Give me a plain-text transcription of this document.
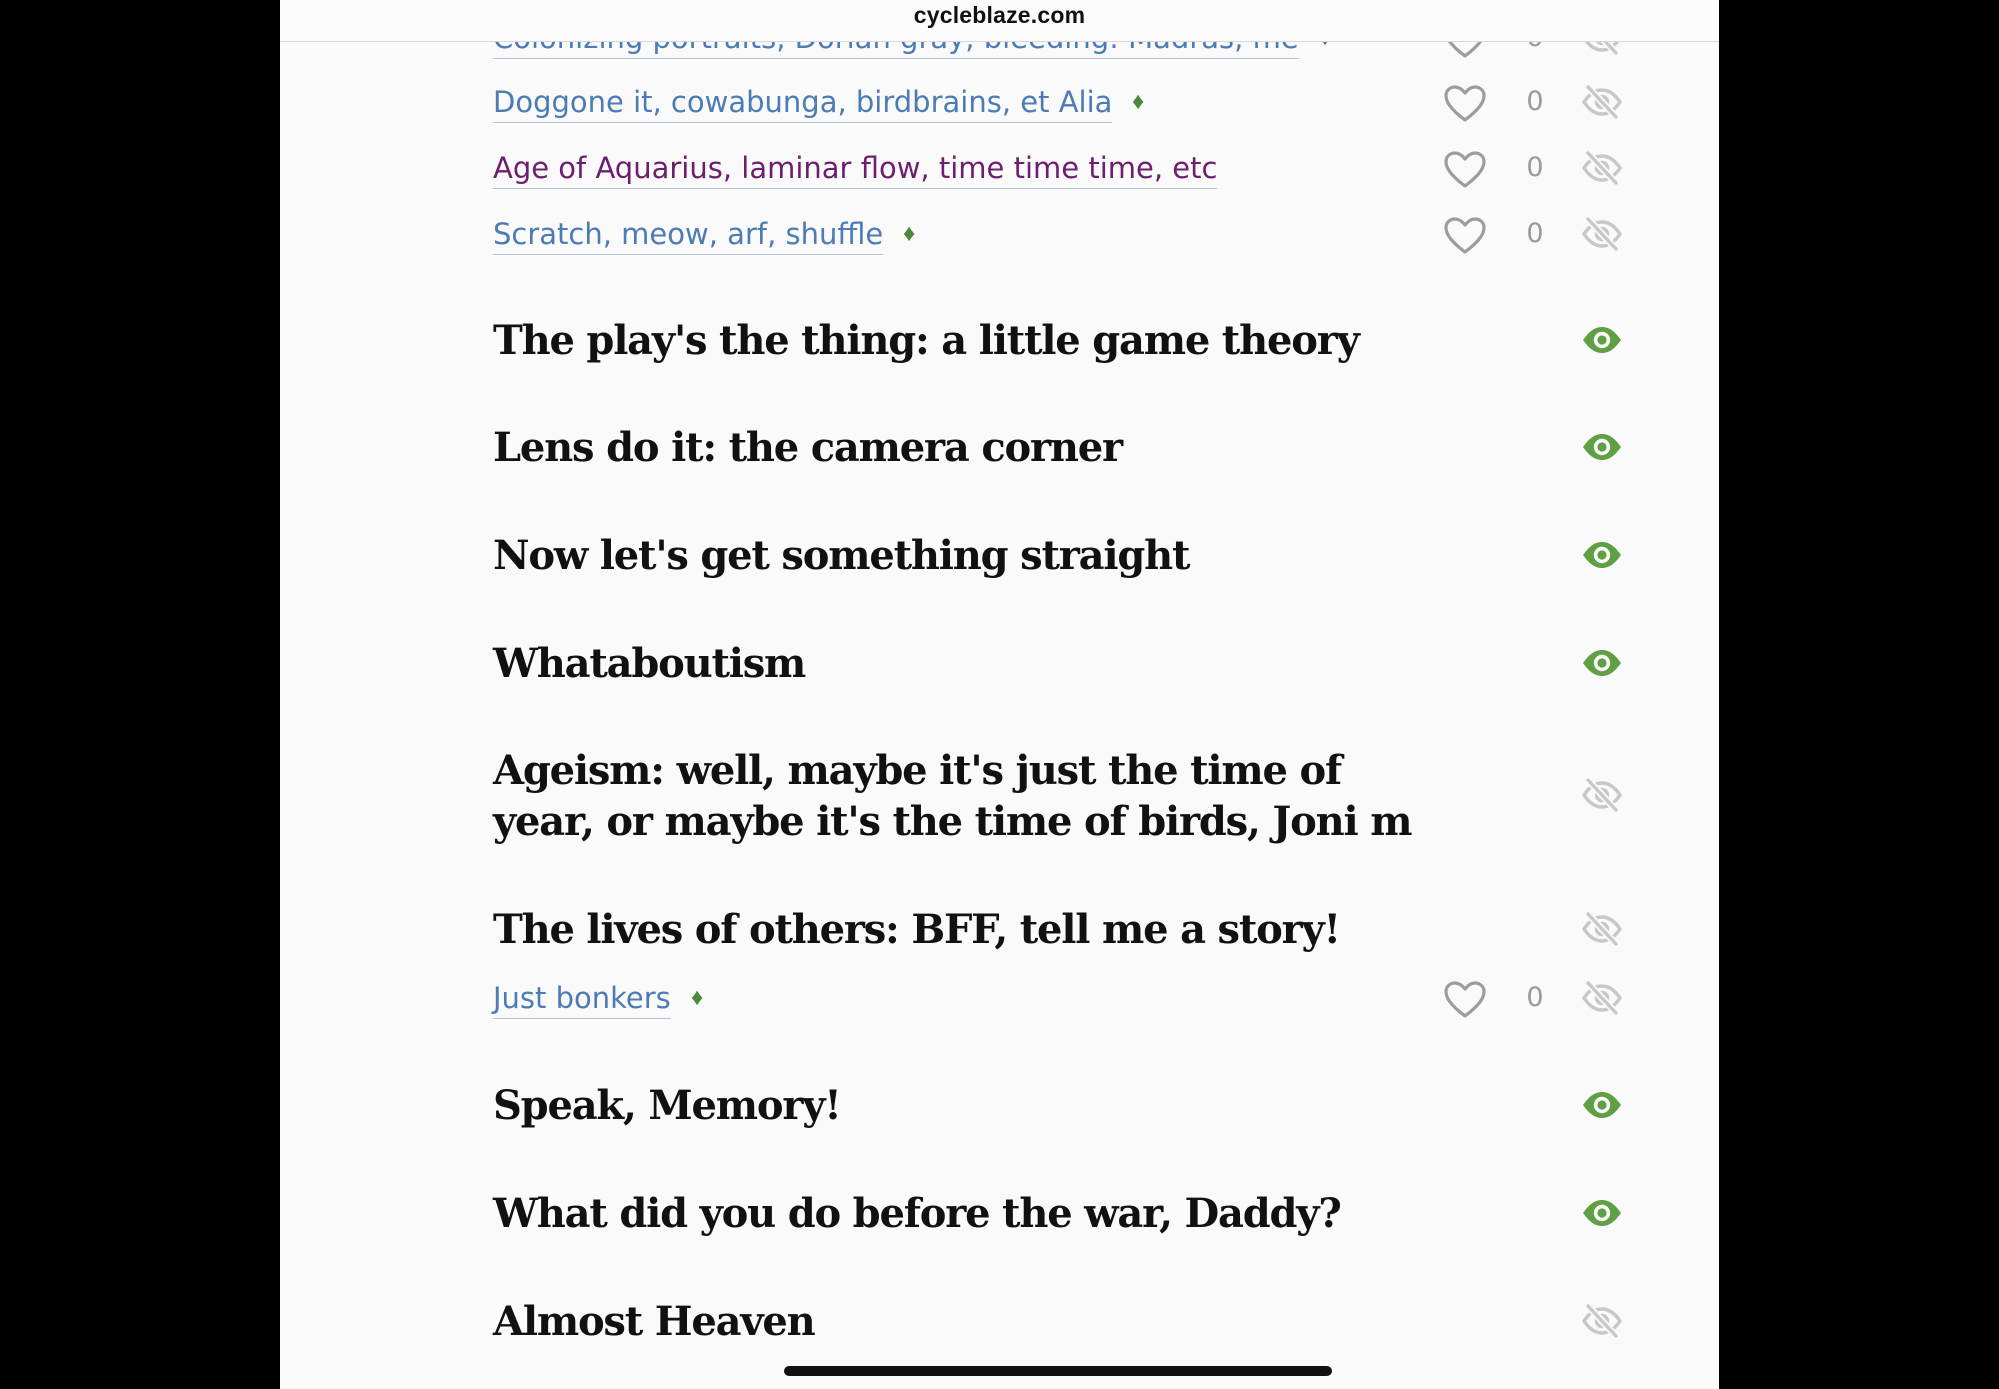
cycleblaze.com
Doggone it, cowabunga, birdbrains, et Alia ♦	0
Age of Aquarius, laminar flow, time time time, etc	0
Scratch, meow, arf, shuffle ♦	0
The play's the thing: a little game theory
Lens do it: the camera corner
Now let's get something straight
Whataboutism
Ageism: well, maybe it's just the time of year, or maybe it's the time of birds, Joni m
The lives of others: BFF, tell me a story!
Just bonkers ♦	0
Speak, Memory!
What did you do before the war, Daddy?
Almost Heaven
